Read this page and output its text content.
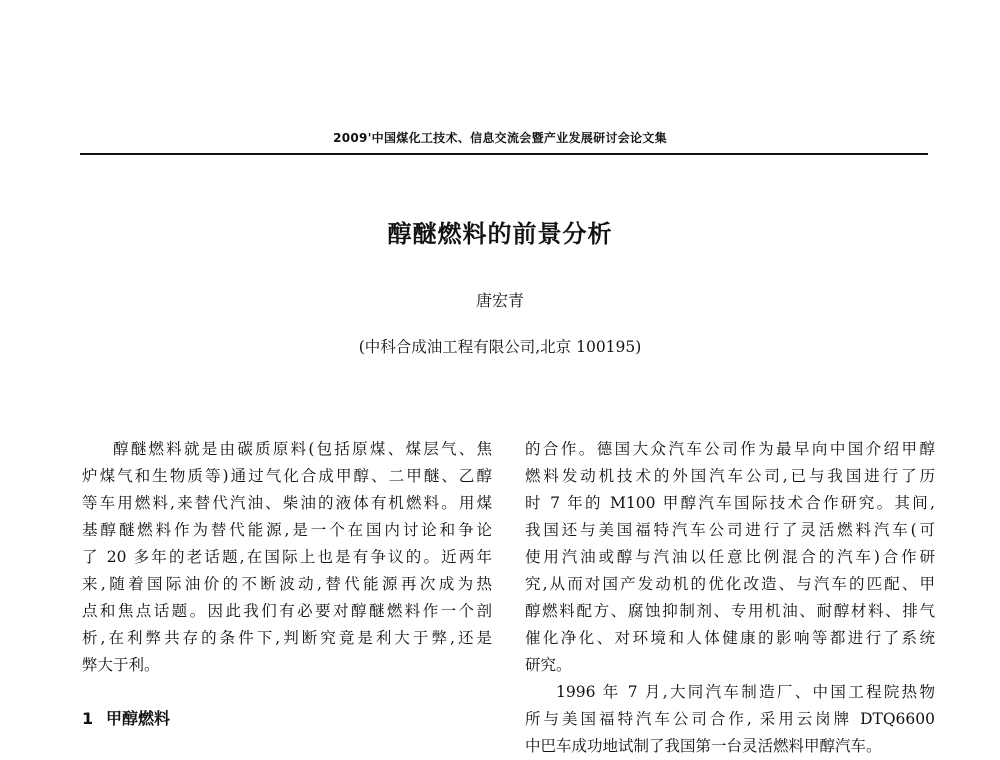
2009'中国煤化工技术、信息交流会暨产业发展研讨会论文集
醇醚燃料的前景分析
唐宏青
(中科合成油工程有限公司,北京 100195)
醇醚燃料就是由碳质原料(包括原煤、煤层气、焦
炉煤气和生物质等)通过气化合成甲醇、二甲醚、乙醇
等车用燃料,来替代汽油、柴油的液体有机燃料。用煤
基醇醚燃料作为替代能源,是一个在国内讨论和争论
了 20 多年的老话题,在国际上也是有争议的。近两年
来,随着国际油价的不断波动,替代能源再次成为热
点和焦点话题。因此我们有必要对醇醚燃料作一个剖
析,在利弊共存的条件下,判断究竟是利大于弊,还是
弊大于利。
1 甲醇燃料
的合作。德国大众汽车公司作为最早向中国介绍甲醇
燃料发动机技术的外国汽车公司,已与我国进行了历
时 7 年的 M100 甲醇汽车国际技术合作研究。其间,
我国还与美国福特汽车公司进行了灵活燃料汽车(可
使用汽油或醇与汽油以任意比例混合的汽车)合作研
究,从而对国产发动机的优化改造、与汽车的匹配、甲
醇燃料配方、腐蚀抑制剂、专用机油、耐醇材料、排气
催化净化、对环境和人体健康的影响等都进行了系统
研究。
1996 年 7 月,大同汽车制造厂、中国工程院热物
所与美国福特汽车公司合作, 采用云岗牌 DTQ6600
中巴车成功地试制了我国第一台灵活燃料甲醇汽车。
